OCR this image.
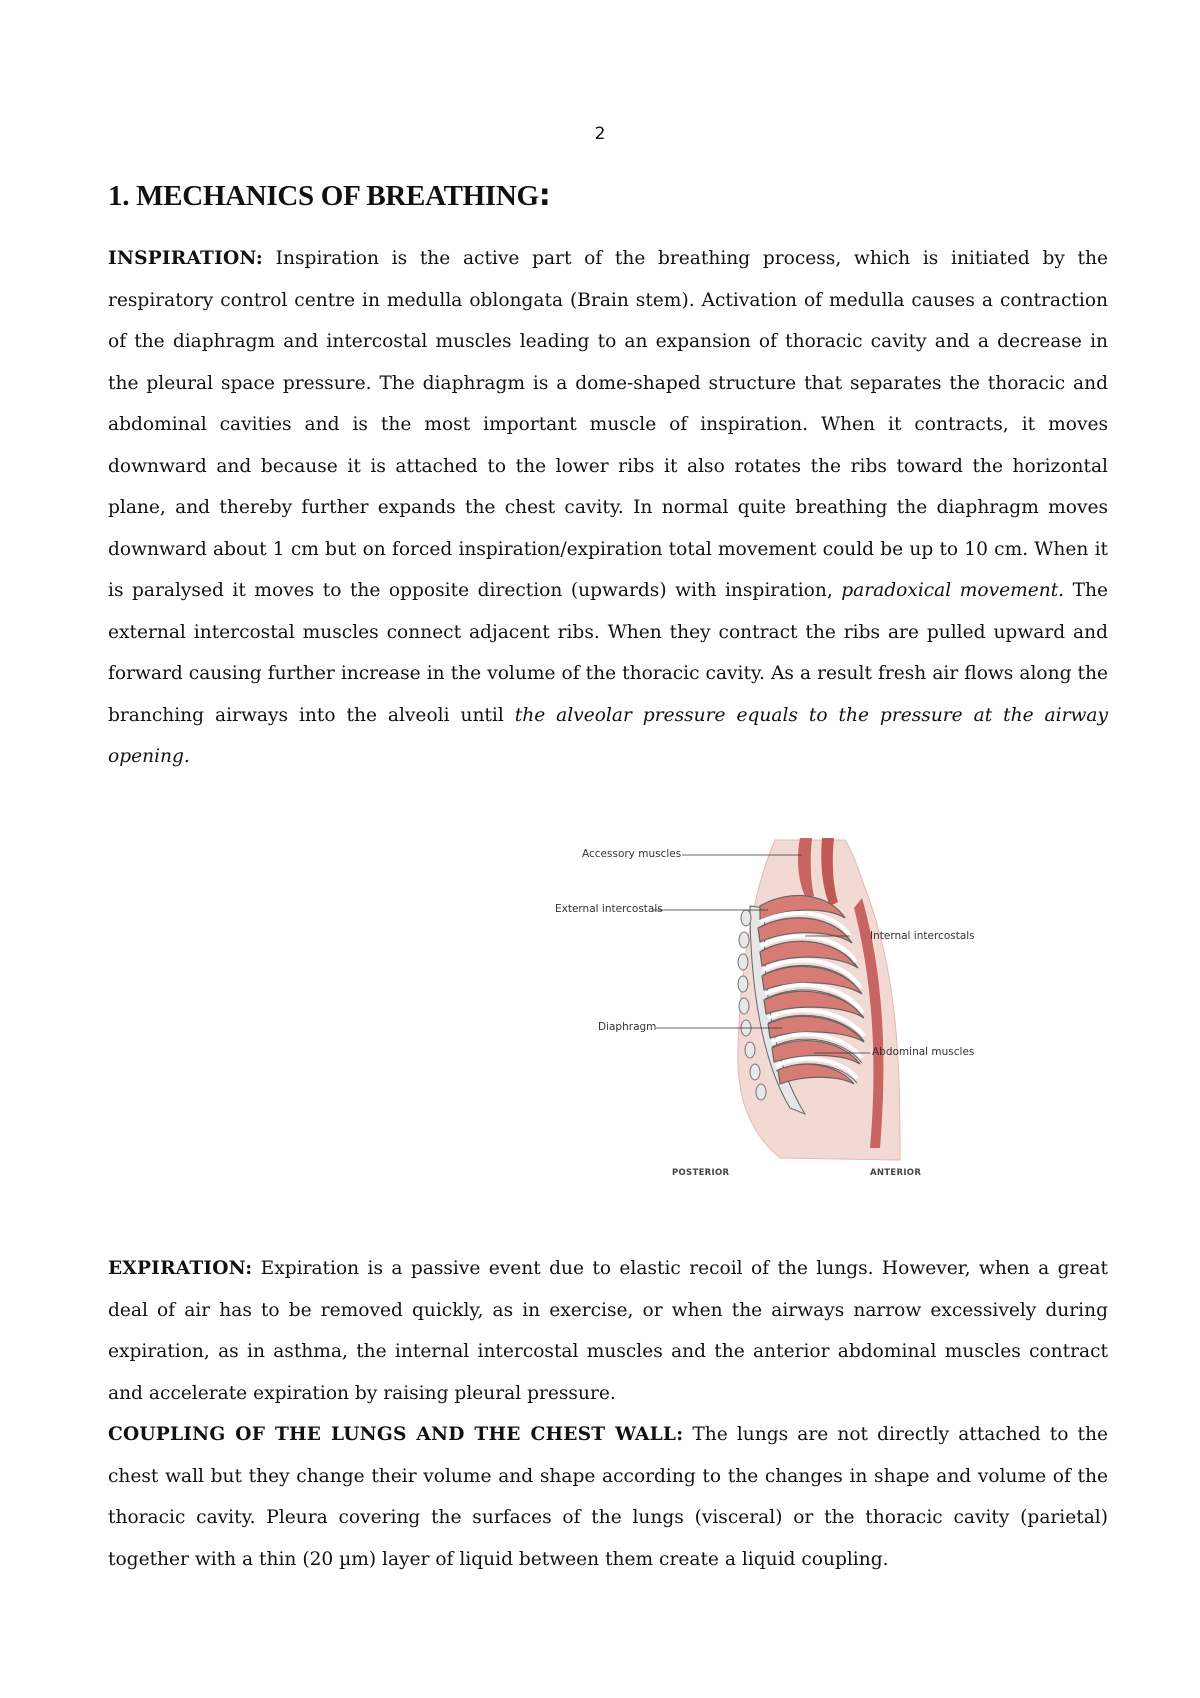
2
1. MECHANICS OF BREATHING:

INSPIRATION: Inspiration is the active part of the breathing process, which is initiated by the respiratory control centre in medulla oblongata (Brain stem). Activation of medulla causes a contraction of the diaphragm and intercostal muscles leading to an expansion of thoracic cavity and a decrease in the pleural space pressure. The diaphragm is a dome-shaped structure that separates the thoracic and abdominal cavities and is the most important muscle of inspiration. When it contracts, it moves downward and because it is attached to the lower ribs it also rotates the ribs toward the horizontal plane, and thereby further expands the chest cavity. In normal quite breathing the diaphragm moves downward about 1 cm but on forced inspiration/expiration total movement could be up to 10 cm. When it is paralysed it moves to the opposite direction (upwards) with inspiration, paradoxical movement. The external intercostal muscles connect adjacent ribs. When they contract the ribs are pulled upward and forward causing further increase in the volume of the thoracic cavity. As a result fresh air flows along the branching airways into the alveoli until the alveolar pressure equals to the pressure at the airway opening.

Accessory muscles
External intercostals
Internal intercostals
Diaphragm
Abdominal muscles
POSTERIOR	ANTERIOR

EXPIRATION: Expiration is a passive event due to elastic recoil of the lungs. However, when a great deal of air has to be removed quickly, as in exercise, or when the airways narrow excessively during expiration, as in asthma, the internal intercostal muscles and the anterior abdominal muscles contract and accelerate expiration by raising pleural pressure.

COUPLING OF THE LUNGS AND THE CHEST WALL: The lungs are not directly attached to the chest wall but they change their volume and shape according to the changes in shape and volume of the thoracic cavity. Pleura covering the surfaces of the lungs (visceral) or the thoracic cavity (parietal) together with a thin (20 µm) layer of liquid between them create a liquid coupling.
